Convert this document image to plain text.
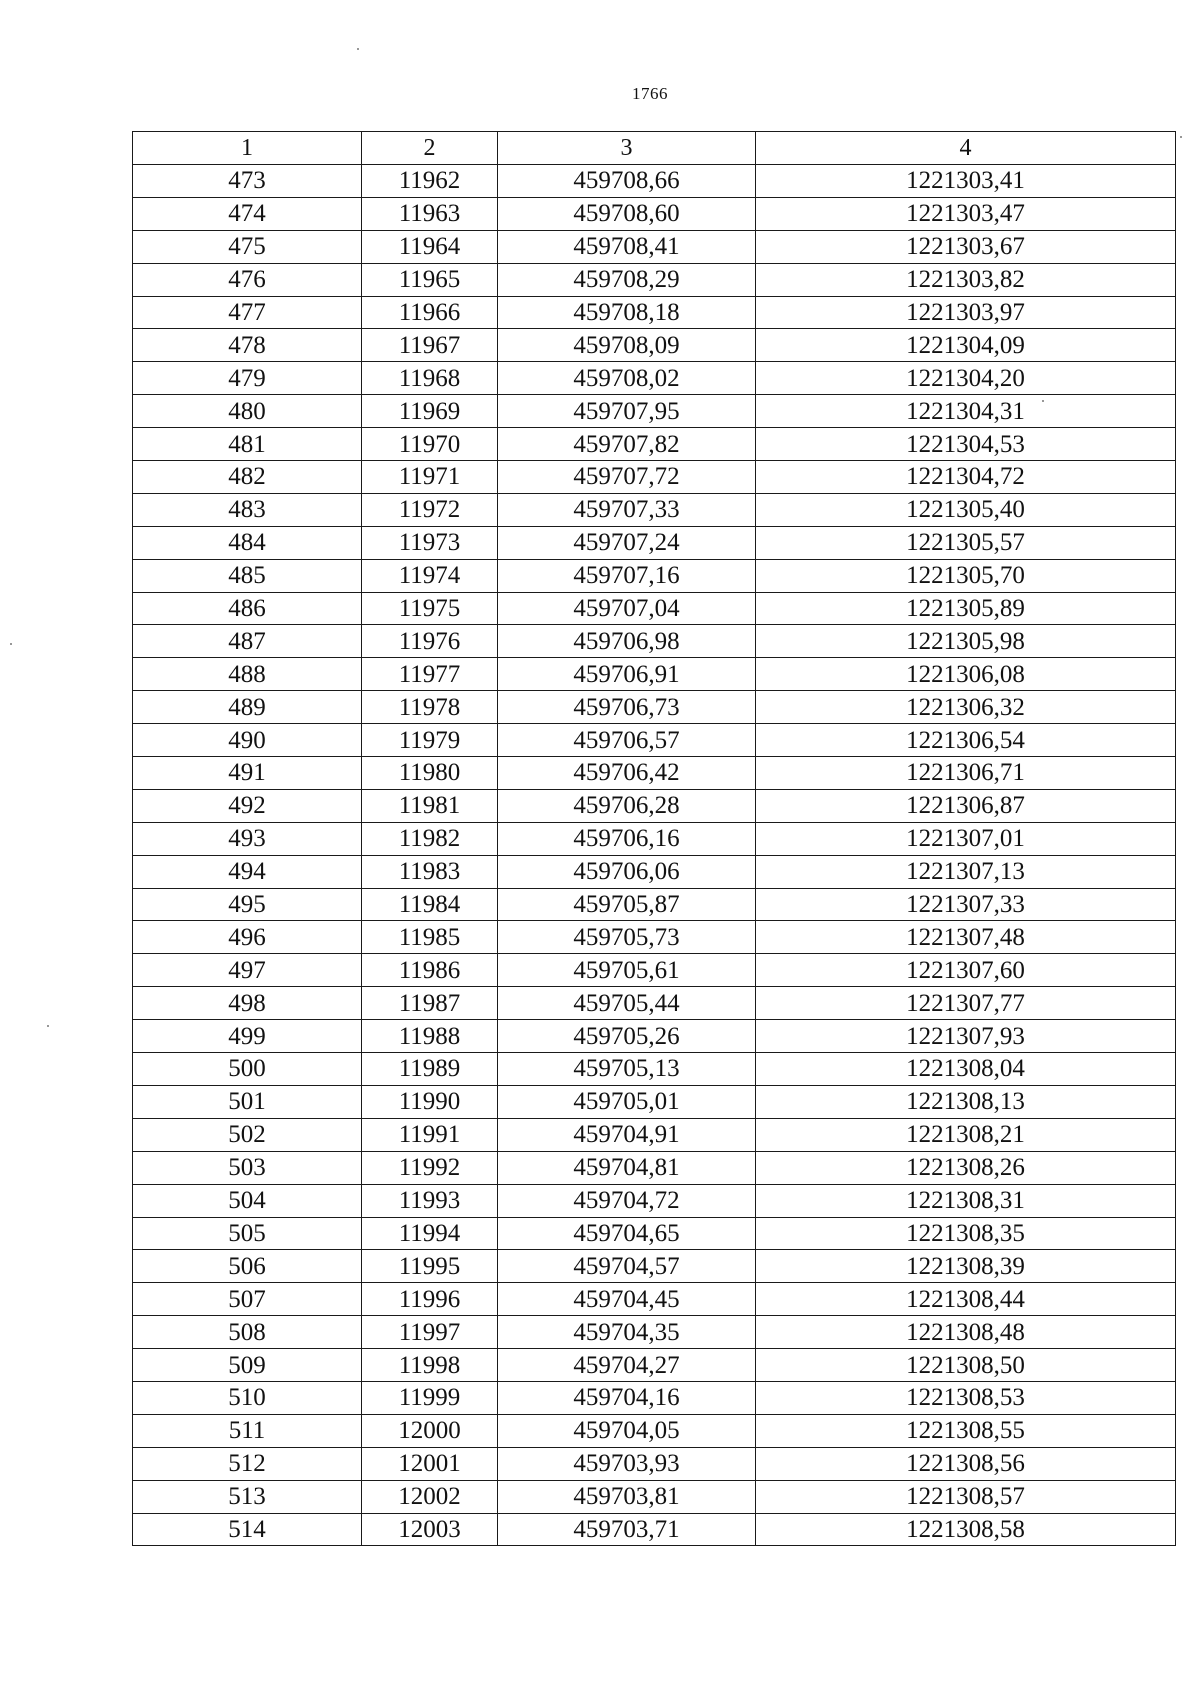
1766
1	2	3	4
473	11962	459708,66	1221303,41
474	11963	459708,60	1221303,47
475	11964	459708,41	1221303,67
476	11965	459708,29	1221303,82
477	11966	459708,18	1221303,97
478	11967	459708,09	1221304,09
479	11968	459708,02	1221304,20
480	11969	459707,95	1221304,31
481	11970	459707,82	1221304,53
482	11971	459707,72	1221304,72
483	11972	459707,33	1221305,40
484	11973	459707,24	1221305,57
485	11974	459707,16	1221305,70
486	11975	459707,04	1221305,89
487	11976	459706,98	1221305,98
488	11977	459706,91	1221306,08
489	11978	459706,73	1221306,32
490	11979	459706,57	1221306,54
491	11980	459706,42	1221306,71
492	11981	459706,28	1221306,87
493	11982	459706,16	1221307,01
494	11983	459706,06	1221307,13
495	11984	459705,87	1221307,33
496	11985	459705,73	1221307,48
497	11986	459705,61	1221307,60
498	11987	459705,44	1221307,77
499	11988	459705,26	1221307,93
500	11989	459705,13	1221308,04
501	11990	459705,01	1221308,13
502	11991	459704,91	1221308,21
503	11992	459704,81	1221308,26
504	11993	459704,72	1221308,31
505	11994	459704,65	1221308,35
506	11995	459704,57	1221308,39
507	11996	459704,45	1221308,44
508	11997	459704,35	1221308,48
509	11998	459704,27	1221308,50
510	11999	459704,16	1221308,53
511	12000	459704,05	1221308,55
512	12001	459703,93	1221308,56
513	12002	459703,81	1221308,57
514	12003	459703,71	1221308,58
